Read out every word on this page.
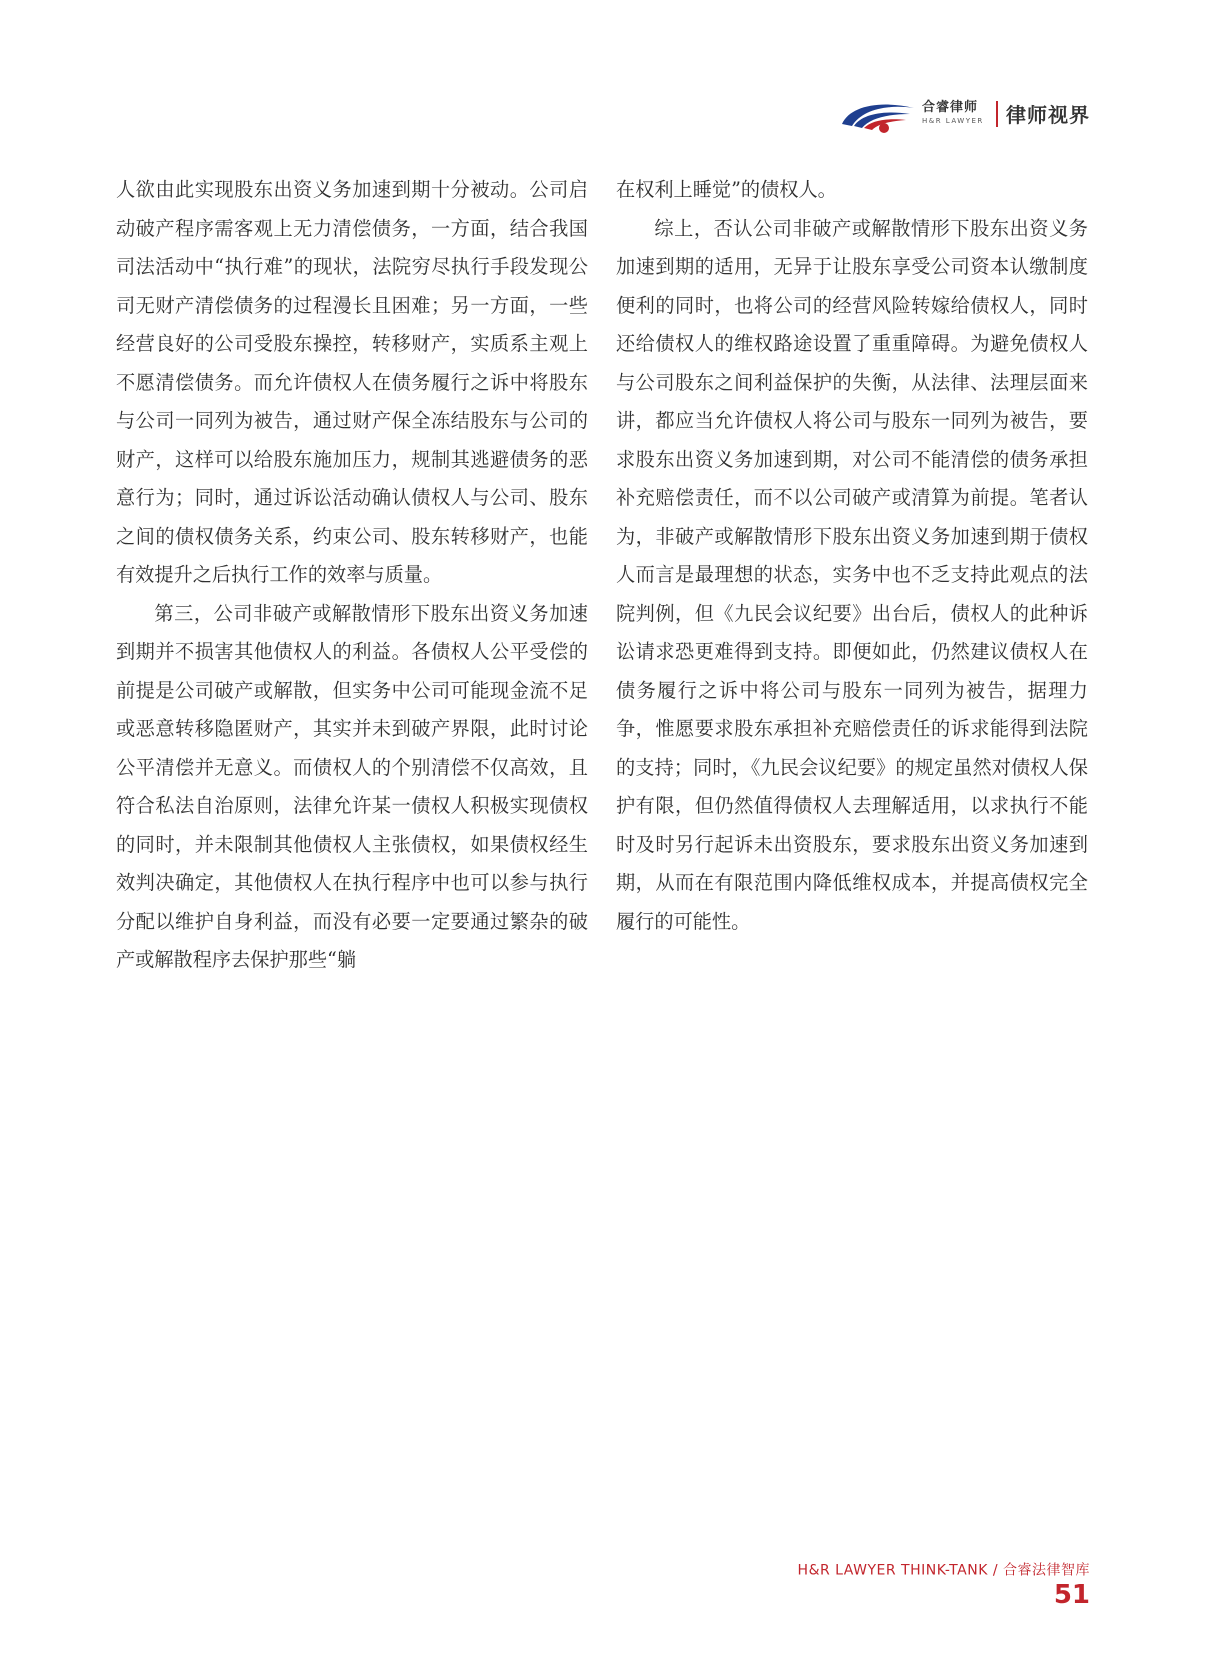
合睿律师
H&R LAWYER	律师视界

人欲由此实现股东出资义务加速到期十分被动。公司启动破产程序需客观上无力清偿债务，一方面，结合我国司法活动中“执行难”的现状，法院穷尽执行手段发现公司无财产清偿债务的过程漫长且困难；另一方面，一些经营良好的公司受股东操控，转移财产，实质系主观上不愿清偿债务。而允许债权人在债务履行之诉中将股东与公司一同列为被告，通过财产保全冻结股东与公司的财产，这样可以给股东施加压力，规制其逃避债务的恶意行为；同时，通过诉讼活动确认债权人与公司、股东之间的债权债务关系，约束公司、股东转移财产，也能有效提升之后执行工作的效率与质量。

第三，公司非破产或解散情形下股东出资义务加速到期并不损害其他债权人的利益。各债权人公平受偿的前提是公司破产或解散，但实务中公司可能现金流不足或恶意转移隐匿财产，其实并未到破产界限，此时讨论公平清偿并无意义。而债权人的个别清偿不仅高效，且符合私法自治原则，法律允许某一债权人积极实现债权的同时，并未限制其他债权人主张债权，如果债权经生效判决确定，其他债权人在执行程序中也可以参与执行分配以维护自身利益，而没有必要一定要通过繁杂的破产或解散程序去保护那些“躺

在权利上睡觉”的债权人。

综上，否认公司非破产或解散情形下股东出资义务加速到期的适用，无异于让股东享受公司资本认缴制度便利的同时，也将公司的经营风险转嫁给债权人，同时还给债权人的维权路途设置了重重障碍。为避免债权人与公司股东之间利益保护的失衡，从法律、法理层面来讲，都应当允许债权人将公司与股东一同列为被告，要求股东出资义务加速到期，对公司不能清偿的债务承担补充赔偿责任，而不以公司破产或清算为前提。笔者认为，非破产或解散情形下股东出资义务加速到期于债权人而言是最理想的状态，实务中也不乏支持此观点的法院判例，但《九民会议纪要》出台后，债权人的此种诉讼请求恐更难得到支持。即便如此，仍然建议债权人在债务履行之诉中将公司与股东一同列为被告，据理力争，惟愿要求股东承担补充赔偿责任的诉求能得到法院的支持；同时，《九民会议纪要》的规定虽然对债权人保护有限，但仍然值得债权人去理解适用，以求执行不能时及时另行起诉未出资股东，要求股东出资义务加速到期，从而在有限范围内降低维权成本，并提高债权完全履行的可能性。

H&R LAWYER THINK-TANK / 合睿法律智库 51
